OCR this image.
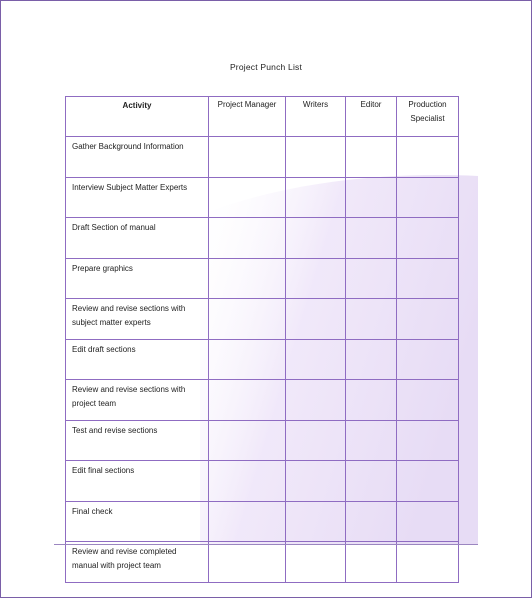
Project Punch List
Activity	Project Manager	Writers	Editor	Production Specialist
Gather Background Information				
Interview Subject Matter Experts				
Draft Section of manual				
Prepare graphics				
Review and revise sections with subject matter experts				
Edit draft sections				
Review and revise sections with project team				
Test and revise sections				
Edit final sections				
Final check				
Review and revise completed manual with project team				
